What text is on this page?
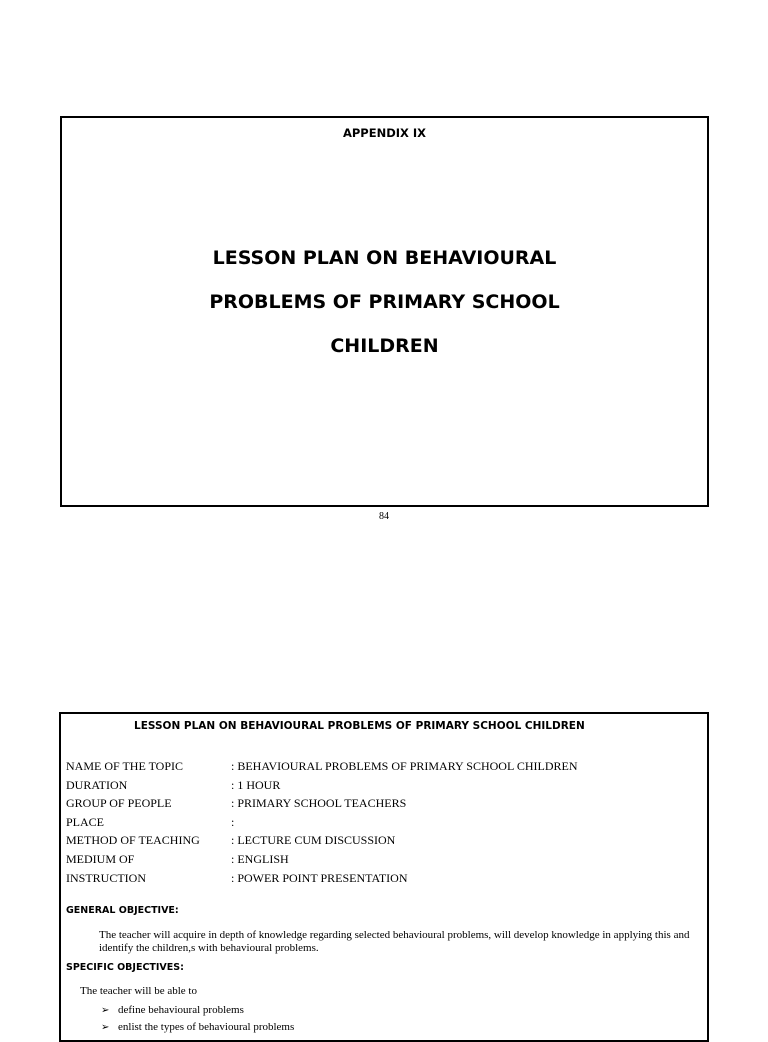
APPENDIX IX
LESSON PLAN ON BEHAVIOURAL
PROBLEMS OF PRIMARY SCHOOL
CHILDREN
84
LESSON PLAN ON BEHAVIOURAL PROBLEMS OF PRIMARY SCHOOL CHILDREN
NAME OF THE TOPIC	: BEHAVIOURAL PROBLEMS OF PRIMARY SCHOOL CHILDREN
DURATION	: 1 HOUR
GROUP OF PEOPLE	: PRIMARY SCHOOL TEACHERS
PLACE	:
METHOD OF TEACHING	: LECTURE CUM DISCUSSION
MEDIUM OF	: ENGLISH
INSTRUCTION	: POWER POINT PRESENTATION
GENERAL OBJECTIVE:
The teacher will acquire in depth of knowledge regarding selected behavioural problems, will develop knowledge in applying this and identify the children,s with behavioural problems.
SPECIFIC OBJECTIVES:
The teacher will be able to
➢ define behavioural problems
➢ enlist the types of behavioural problems
